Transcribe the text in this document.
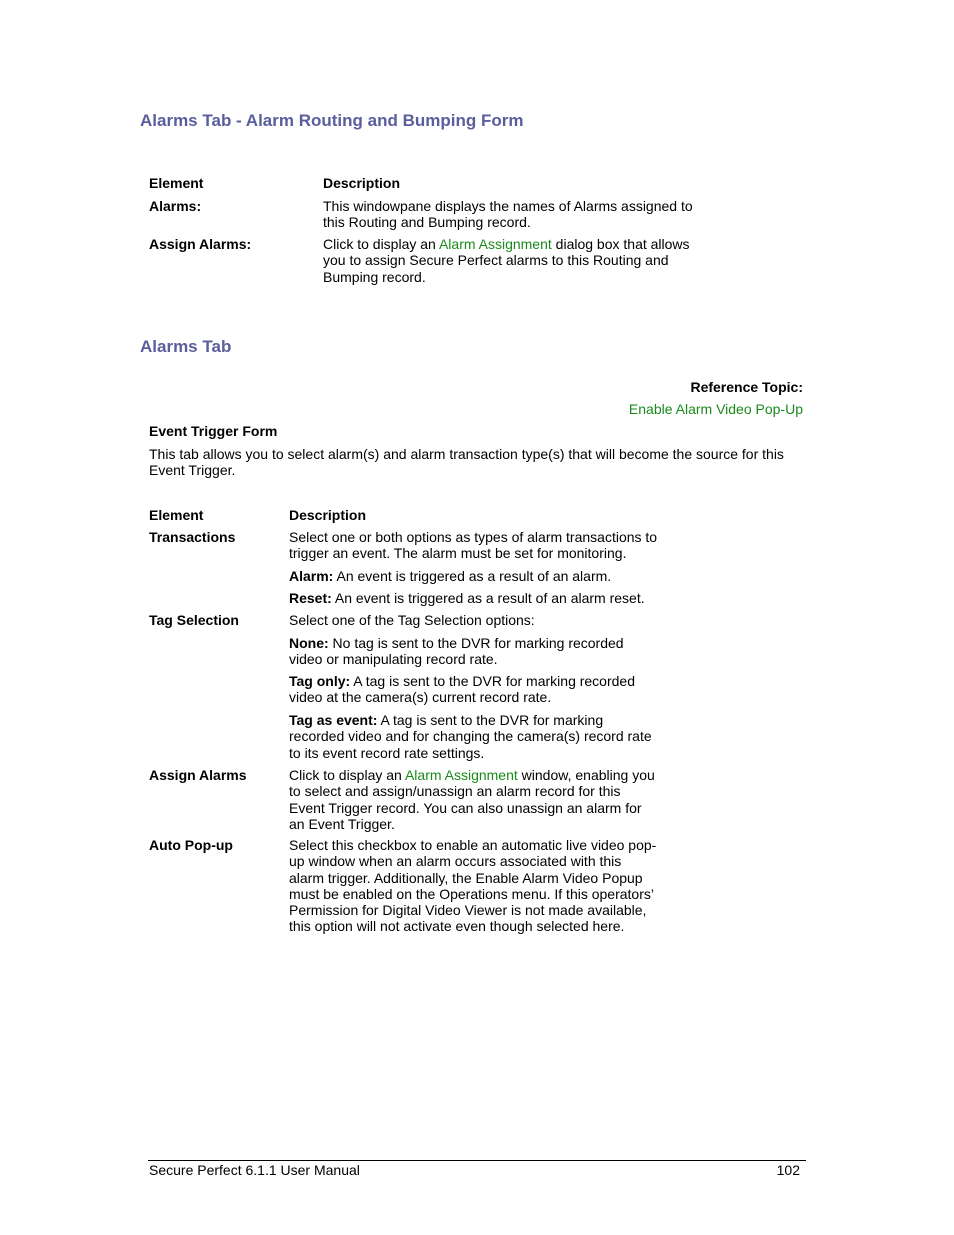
Alarms Tab - Alarm Routing and Bumping Form
Element	Description
Alarms:	This windowpane displays the names of Alarms assigned to this Routing and Bumping record.
Assign Alarms:	Click to display an Alarm Assignment dialog box that allows you to assign Secure Perfect alarms to this Routing and Bumping record.
Alarms Tab
Reference Topic:
Enable Alarm Video Pop-Up
Event Trigger Form
This tab allows you to select alarm(s) and alarm transaction type(s) that will become the source for this Event Trigger.
Element	Description
Transactions	Select one or both options as types of alarm transactions to trigger an event. The alarm must be set for monitoring.
Alarm: An event is triggered as a result of an alarm.
Reset: An event is triggered as a result of an alarm reset.
Tag Selection	Select one of the Tag Selection options:
None: No tag is sent to the DVR for marking recorded video or manipulating record rate.
Tag only: A tag is sent to the DVR for marking recorded video at the camera(s) current record rate.
Tag as event: A tag is sent to the DVR for marking recorded video and for changing the camera(s) record rate to its event record rate settings.
Assign Alarms	Click to display an Alarm Assignment window, enabling you to select and assign/unassign an alarm record for this Event Trigger record. You can also unassign an alarm for an Event Trigger.
Auto Pop-up	Select this checkbox to enable an automatic live video pop-up window when an alarm occurs associated with this alarm trigger. Additionally, the Enable Alarm Video Popup must be enabled on the Operations menu. If this operators’ Permission for Digital Video Viewer is not made available, this option will not activate even though selected here.
Secure Perfect 6.1.1 User Manual	102
